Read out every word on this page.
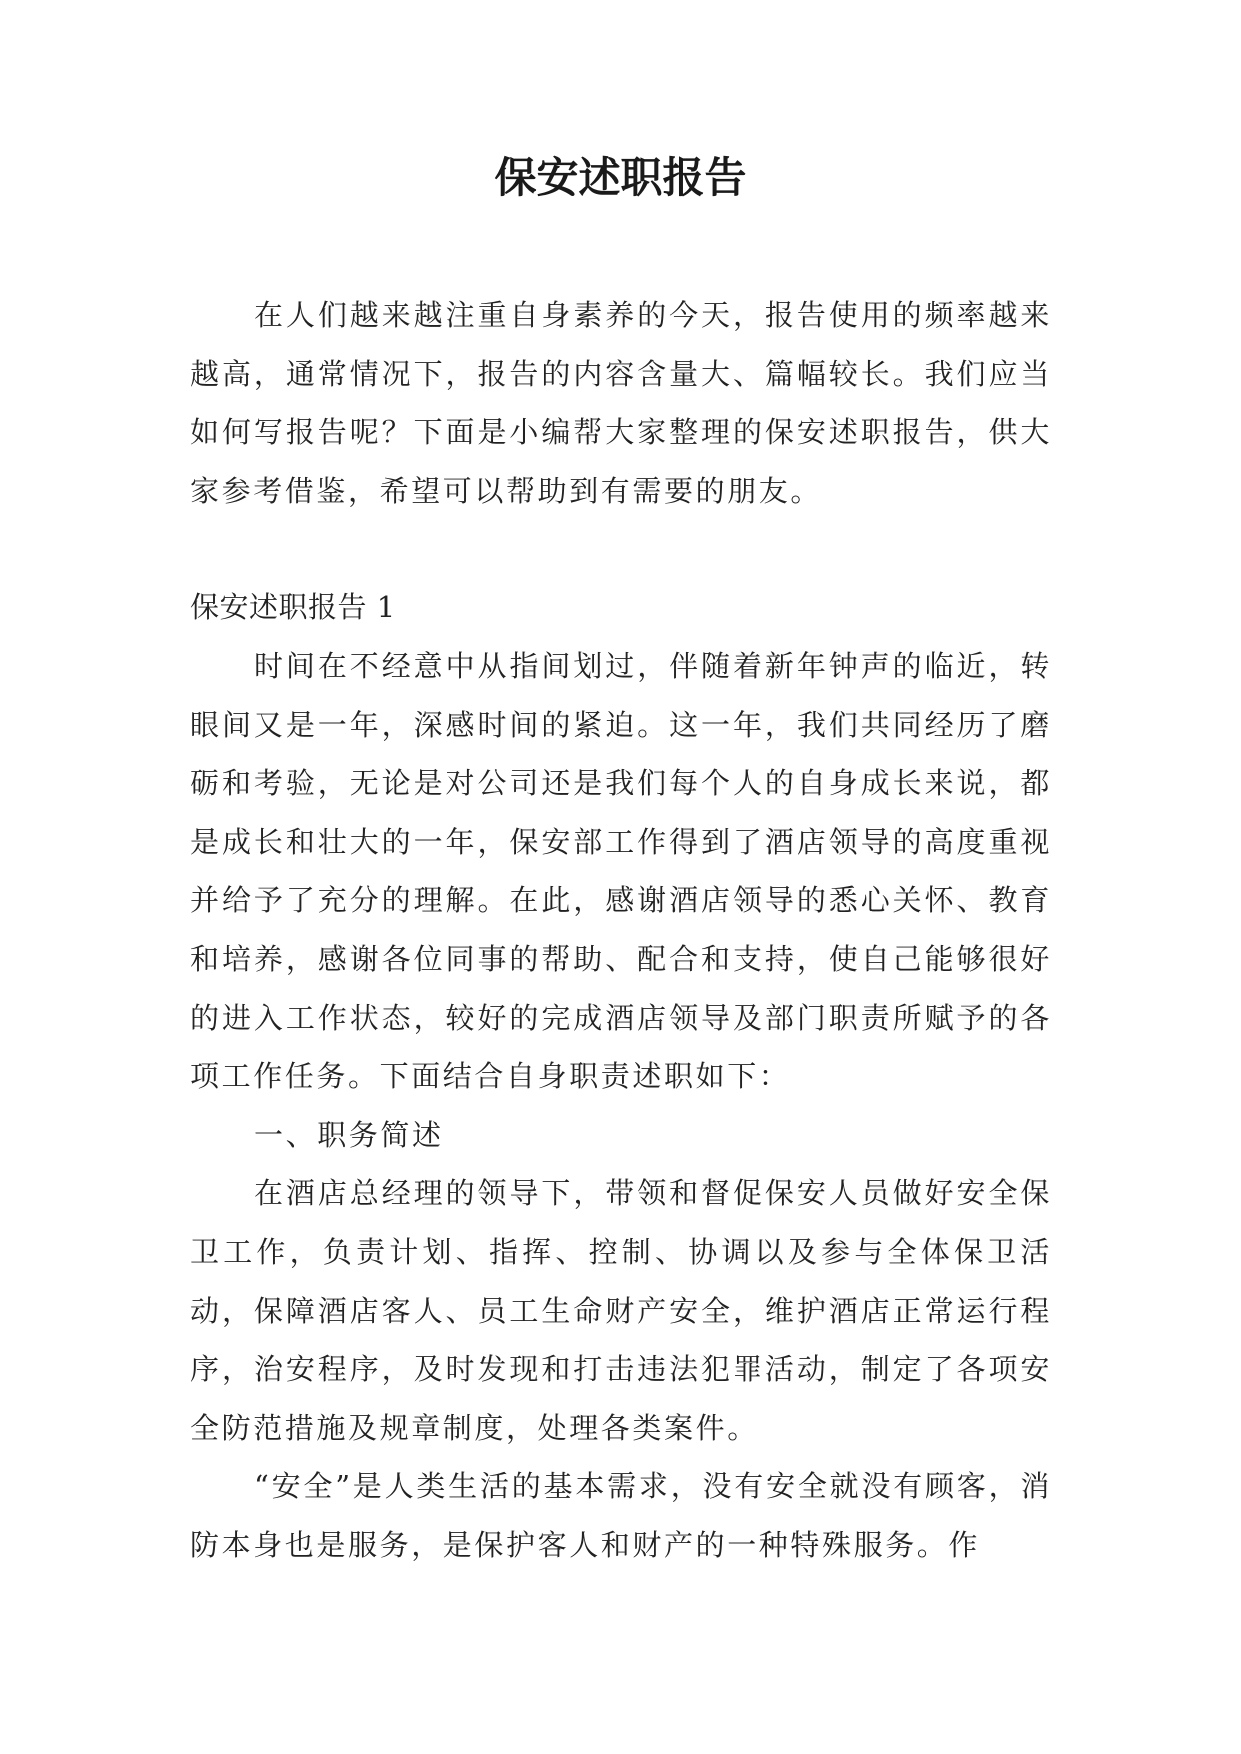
保安述职报告

在人们越来越注重自身素养的今天，报告使用的频率越来越高，通常情况下，报告的内容含量大、篇幅较长。我们应当如何写报告呢？下面是小编帮大家整理的保安述职报告，供大家参考借鉴，希望可以帮助到有需要的朋友。

保安述职报告 1

时间在不经意中从指间划过，伴随着新年钟声的临近，转眼间又是一年，深感时间的紧迫。这一年，我们共同经历了磨砺和考验，无论是对公司还是我们每个人的自身成长来说，都是成长和壮大的一年，保安部工作得到了酒店领导的高度重视并给予了充分的理解。在此，感谢酒店领导的悉心关怀、教育和培养，感谢各位同事的帮助、配合和支持，使自己能够很好的进入工作状态，较好的完成酒店领导及部门职责所赋予的各项工作任务。下面结合自身职责述职如下：

一、职务简述

在酒店总经理的领导下，带领和督促保安人员做好安全保卫工作，负责计划、指挥、控制、协调以及参与全体保卫活动，保障酒店客人、员工生命财产安全，维护酒店正常运行程序，治安程序，及时发现和打击违法犯罪活动，制定了各项安全防范措施及规章制度，处理各类案件。

“安全”是人类生活的基本需求，没有安全就没有顾客，消防本身也是服务，是保护客人和财产的一种特殊服务。作
